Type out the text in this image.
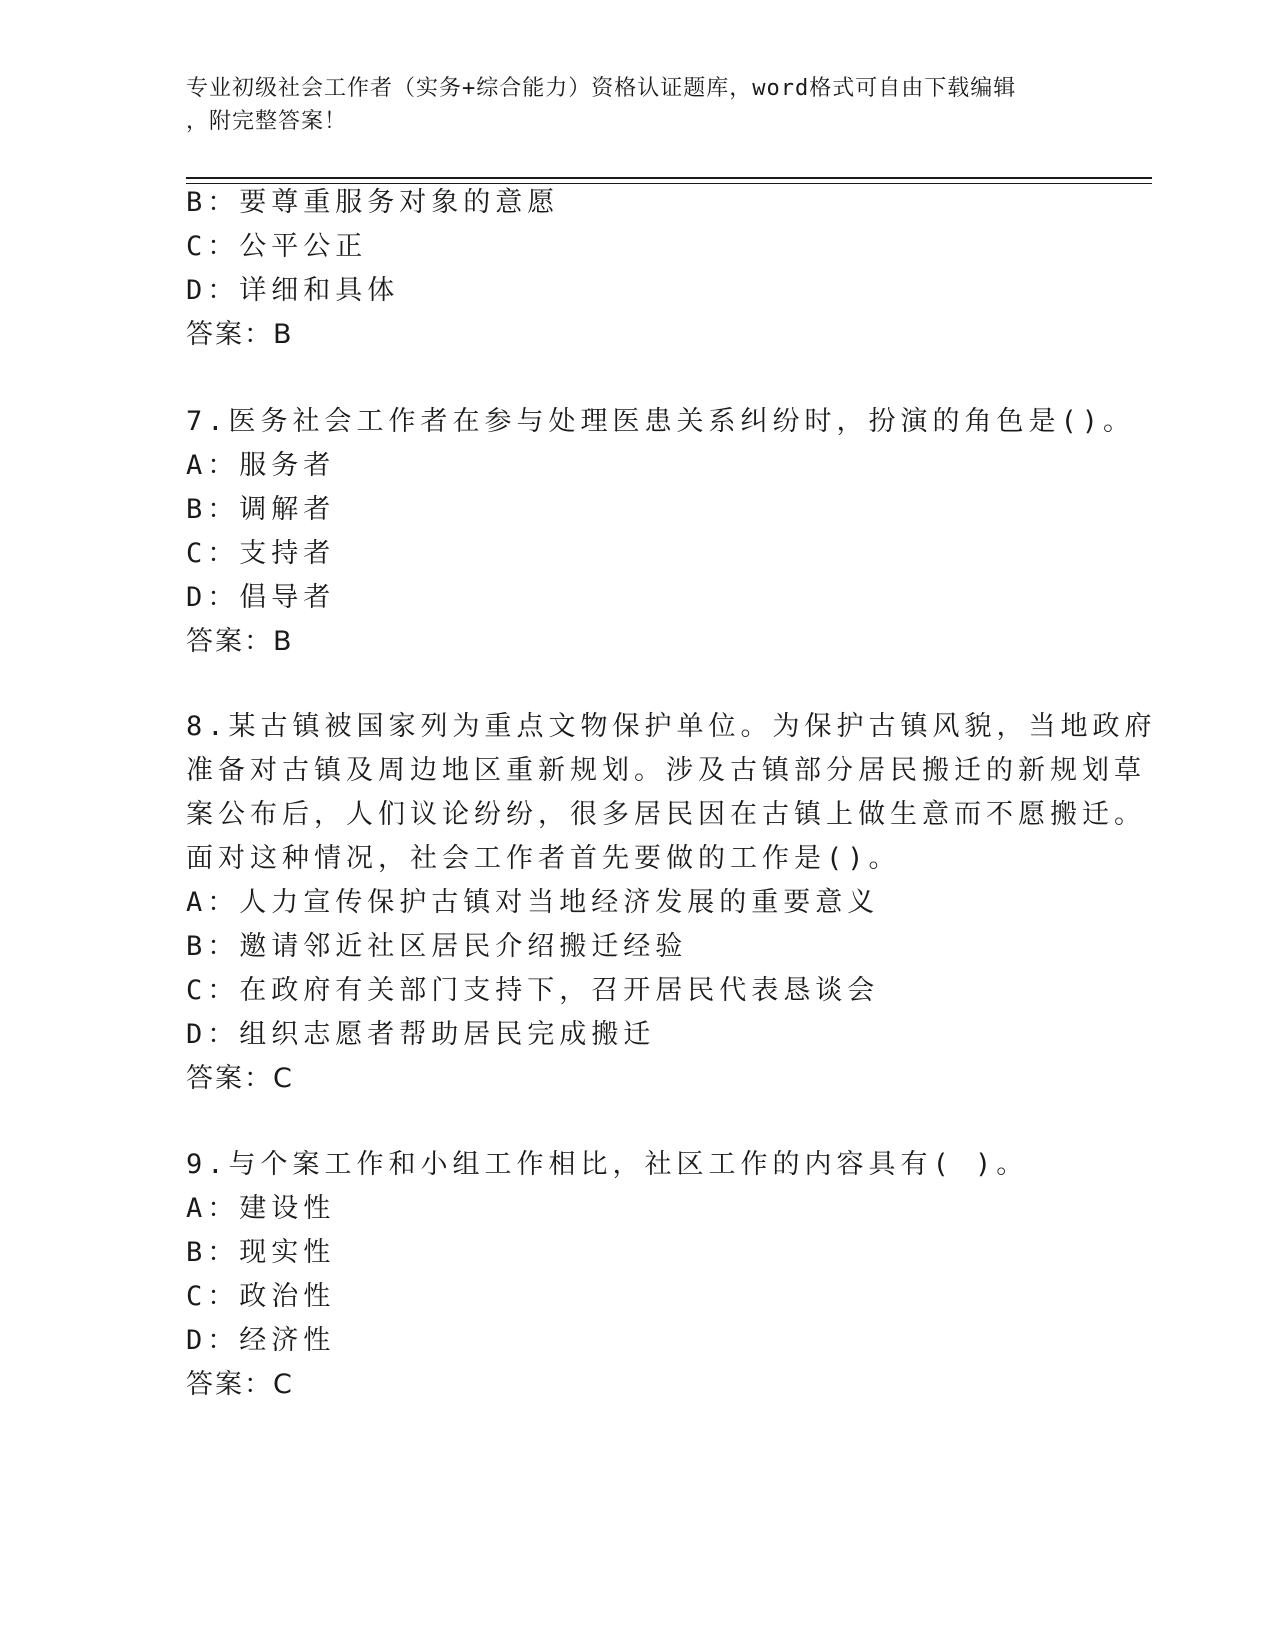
专业初级社会工作者（实务+综合能力）资格认证题库，word格式可自由下载编辑
，附完整答案！
B：要尊重服务对象的意愿
C：公平公正
D：详细和具体
答案：B
7.医务社会工作者在参与处理医患关系纠纷时，扮演的角色是()。
A：服务者
B：调解者
C：支持者
D：倡导者
答案：B
8.某古镇被国家列为重点文物保护单位。为保护古镇风貌，当地政府
准备对古镇及周边地区重新规划。涉及古镇部分居民搬迁的新规划草
案公布后，人们议论纷纷，很多居民因在古镇上做生意而不愿搬迁。
面对这种情况，社会工作者首先要做的工作是()。
A：人力宣传保护古镇对当地经济发展的重要意义
B：邀请邻近社区居民介绍搬迁经验
C：在政府有关部门支持下，召开居民代表恳谈会
D：组织志愿者帮助居民完成搬迁
答案：C
9.与个案工作和小组工作相比，社区工作的内容具有( )。
A：建设性
B：现实性
C：政治性
D：经济性
答案：C
